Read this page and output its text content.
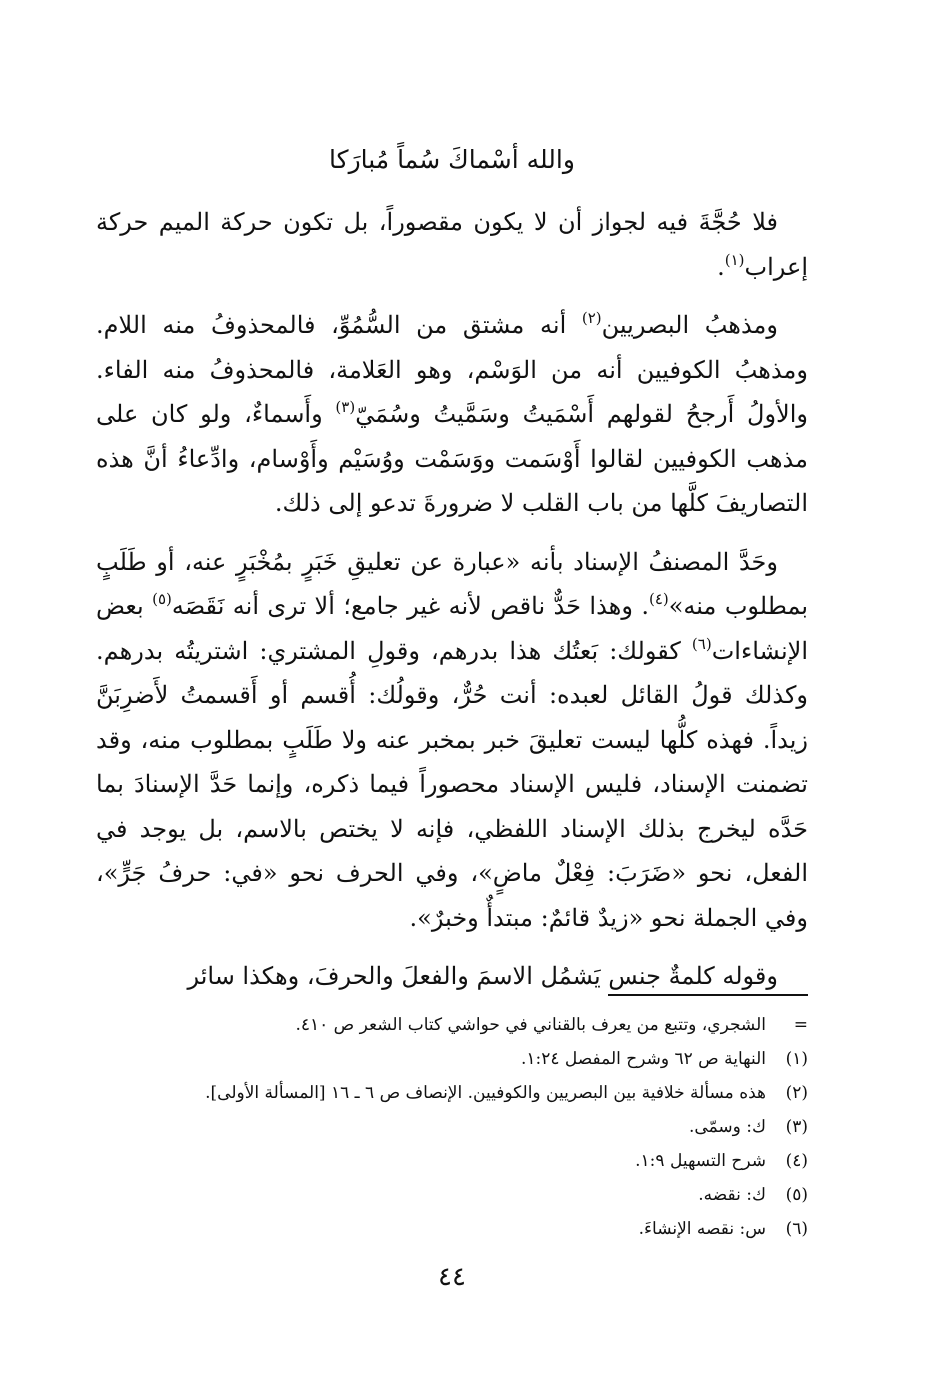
والله أسْماكَ سُماً مُبارَكا

فلا حُجَّةَ فيه لجواز أن لا يكون مقصوراً، بل تكون حركة الميم حركة إعراب$^{(١)}$.

ومذهبُ البصريين$^{(٢)}$ أنه مشتق من السُّمُوِّ، فالمحذوفُ منه اللام. ومذهبُ الكوفيين أنه من الوَسْم، وهو العَلامة، فالمحذوفُ منه الفاء. والأولُ أَرجحُ لقولهم أَسْمَيتُ وسَمَّيتُ وسُمَيّ$^{(٣)}$ وأَسماءٌ، ولو كان على مذهب الكوفيين لقالوا أَوْسَمت ووَسَمْت ووُسَيْم وأَوْسام، وادِّعاءُ أنَّ هذه التصاريفَ كلَّها من باب القلب لا ضرورةَ تدعو إلى ذلك.

وحَدَّ المصنفُ الإسناد بأنه «عبارة عن تعليقِ خَبَرٍ بمُخْبَرٍ عنه، أو طَلَبٍ بمطلوب منه»$^{(٤)}$. وهذا حَدٌّ ناقص لأنه غير جامع؛ ألا ترى أنه نَقَصَه$^{(٥)}$ بعض الإنشاءات$^{(٦)}$ كقولك: بَعتُك هذا بدرهم، وقولِ المشتري: اشتريتُه بدرهم. وكذلك قولُ القائل لعبده: أنت حُرٌّ، وقولُك: أُقسم أو أَقسمتُ لأَضرِبَنَّ زيداً. فهذه كلُّها ليست تعليقَ خبر بمخبر عنه ولا طَلَبٍ بمطلوب منه، وقد تضمنت الإسناد، فليس الإسناد محصوراً فيما ذكره، وإنما حَدَّ الإسنادَ بما حَدَّه ليخرج بذلك الإسناد اللفظي، فإنه لا يختص بالاسم، بل يوجد في الفعل، نحو «ضَرَبَ: فِعْلٌ ماضٍ»، وفي الحرف نحو «في: حرفُ جَرٍّ»، وفي الجملة نحو «زيدٌ قائمٌ: مبتدأٌ وخبرٌ».

وقوله كلمةٌ جنس يَشمُل الاسمَ والفعلَ والحرفَ، وهكذا سائر

=
الشجري، وتتبع من يعرف بالقناني في حواشي كتاب الشعر ص ٤١٠.
(١)
النهاية ص ٦٢ وشرح المفصل ١:٢٤.
(٢)
هذه مسألة خلافية بين البصريين والكوفيين. الإنصاف ص ٦ ـ ١٦ [المسألة الأولى].
(٣)
ك: وسمّى.
(٤)
شرح التسهيل ١:٩.
(٥)
ك: نقضه.
(٦)
س: نقصه الإنشاءَ.
٤٤
